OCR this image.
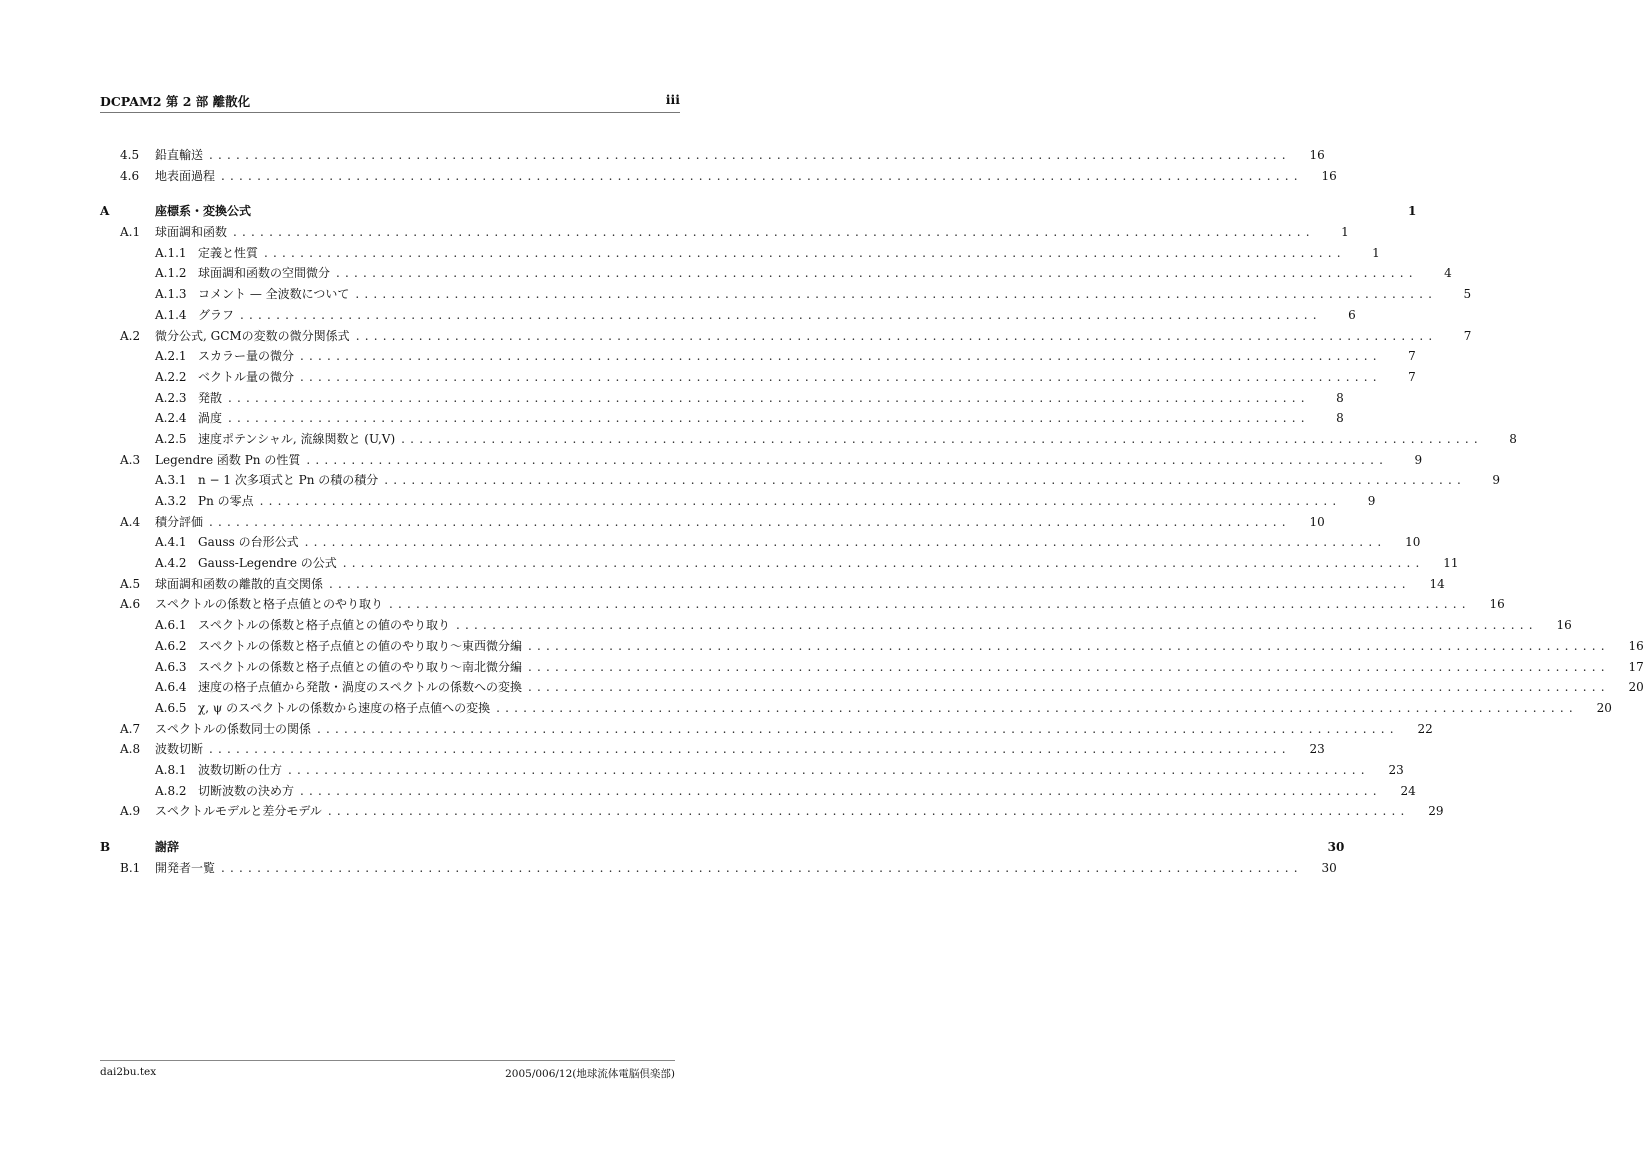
DCPAM2 第 2 部 離散化	iii
4.5	鉛直輸送 ........................................................................................................................	16
4.6	地表面過程 ........................................................................................................................	16
A	座標系・変換公式	1
A.1	球面調和函数 ........................................................................................................................	1
A.1.1 定義と性質 ........................................................................................................................	1
A.1.2 球面調和函数の空間微分 ........................................................................................................................	4
A.1.3 コメント — 全波数について ........................................................................................................................	5
A.1.4 グラフ ........................................................................................................................	6
A.2	微分公式, GCMの変数の微分関係式 ........................................................................................................................	7
A.2.1 スカラー量の微分 ........................................................................................................................	7
A.2.2 ベクトル量の微分 ........................................................................................................................	7
A.2.3 発散 ........................................................................................................................	8
A.2.4 渦度 ........................................................................................................................	8
A.2.5 速度ポテンシャル, 流線関数と (U,V) ........................................................................................................................	8
A.3	Legendre 函数 Pn の性質 ........................................................................................................................	9
A.3.1 n − 1 次多項式と Pn の積の積分 ........................................................................................................................	9
A.3.2 Pn の零点 ........................................................................................................................	9
A.4	積分評価 ........................................................................................................................	10
A.4.1 Gauss の台形公式 ........................................................................................................................	10
A.4.2 Gauss-Legendre の公式 ........................................................................................................................	11
A.5	球面調和函数の離散的直交関係 ........................................................................................................................	14
A.6	スペクトルの係数と格子点値とのやり取り ........................................................................................................................	16
A.6.1 スペクトルの係数と格子点値との値のやり取り ........................................................................................................................	16
A.6.2 スペクトルの係数と格子点値との値のやり取り〜東西微分編 ........................................................................................................................	16
A.6.3 スペクトルの係数と格子点値との値のやり取り〜南北微分編 ........................................................................................................................	17
A.6.4 速度の格子点値から発散・渦度のスペクトルの係数への変換 ........................................................................................................................	20
A.6.5 χ, ψ のスペクトルの係数から速度の格子点値への変換 ........................................................................................................................	20
A.7	スペクトルの係数同士の関係 ........................................................................................................................	22
A.8	波数切断 ........................................................................................................................	23
A.8.1 波数切断の仕方 ........................................................................................................................	23
A.8.2 切断波数の決め方 ........................................................................................................................	24
A.9	スペクトルモデルと差分モデル ........................................................................................................................	29
B	謝辞	30
B.1	開発者一覧 ........................................................................................................................	30
dai2bu.tex	2005/006/12(地球流体電脳倶楽部)
